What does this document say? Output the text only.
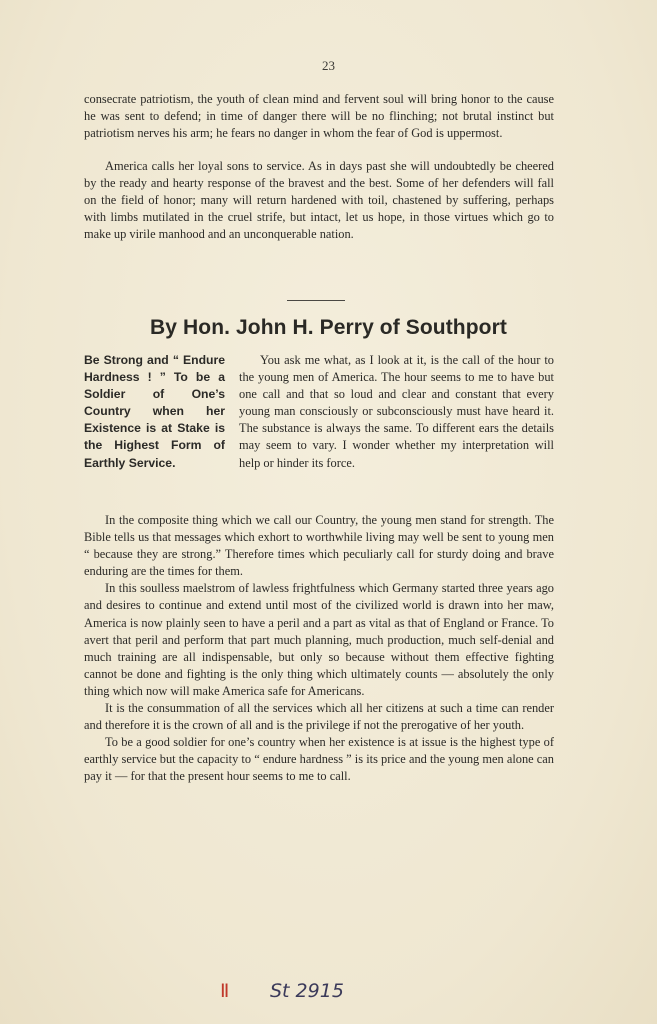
23

consecrate patriotism, the youth of clean mind and fervent soul will bring honor to the cause he was sent to defend; in time of danger there will be no flinching; not brutal instinct but patriotism nerves his arm; he fears no danger in whom the fear of God is uppermost.

America calls her loyal sons to service. As in days past she will undoubtedly be cheered by the ready and hearty response of the bravest and the best. Some of her defenders will fall on the field of honor; many will return hardened with toil, chastened by suffering, perhaps with limbs mutilated in the cruel strife, but intact, let us hope, in those virtues which go to make up virile manhood and an unconquerable nation.

By Hon. John H. Perry of Southport
Be Strong and “ Endure Hardness ! ” To be a Soldier of One’s Country when her Existence is at Stake is the Highest Form of Earthly Service.

You ask me what, as I look at it, is the call of the hour to the young men of America. The hour seems to me to have but one call and that so loud and clear and constant that every young man consciously or subconsciously must have heard it. The substance is always the same. To different ears the details may seem to vary. I wonder whether my interpretation will help or hinder its force.

In the composite thing which we call our Country, the young men stand for strength. The Bible tells us that messages which exhort to worthwhile living may well be sent to young men “ because they are strong.” Therefore times which peculiarly call for sturdy doing and brave enduring are the times for them.

In this soulless maelstrom of lawless frightfulness which Germany started three years ago and desires to continue and extend until most of the civilized world is drawn into her maw, America is now plainly seen to have a peril and a part as vital as that of England or France. To avert that peril and perform that part much planning, much production, much self-denial and much training are all indispensable, but only so because without them effective fighting cannot be done and fighting is the only thing which ultimately counts — absolutely the only thing which now will make America safe for Americans.

It is the consummation of all the services which all her citizens at such a time can render and therefore it is the crown of all and is the privilege if not the prerogative of her youth.

To be a good soldier for one’s country when her existence is at issue is the highest type of earthly service but the capacity to “ endure hardness ” is its price and the young men alone can pay it — for that the present hour seems to me to call.

Ⅱ St 2915
